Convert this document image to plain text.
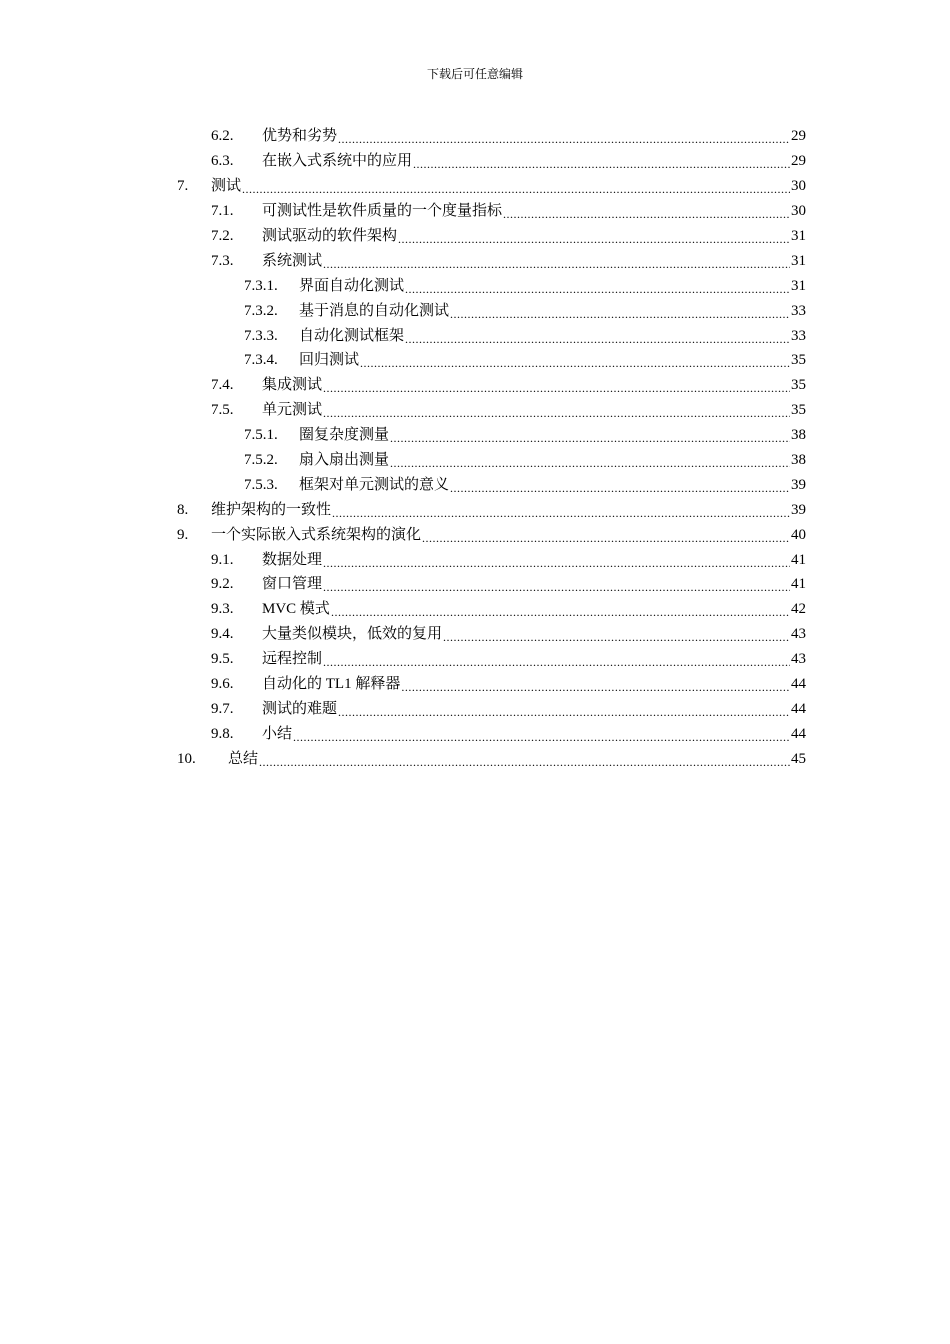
下载后可任意编辑
6.2.	优势和劣势 .....	29
6.3.	在嵌入式系统中的应用 .....	29
7.	测试 .....	30
7.1.	可测试性是软件质量的一个度量指标 .....	30
7.2.	测试驱动的软件架构 .....	31
7.3.	系统测试 .....	31
7.3.1.	界面自动化测试 .....	31
7.3.2.	基于消息的自动化测试 .....	33
7.3.3.	自动化测试框架 .....	33
7.3.4.	回归测试 .....	35
7.4.	集成测试 .....	35
7.5.	单元测试 .....	35
7.5.1.	圈复杂度测量 .....	38
7.5.2.	扇入扇出测量 .....	38
7.5.3.	框架对单元测试的意义 .....	39
8.	维护架构的一致性 .....	39
9.	一个实际嵌入式系统架构的演化 .....	40
9.1.	数据处理 .....	41
9.2.	窗口管理 .....	41
9.3.	MVC 模式 .....	42
9.4.	大量类似模块，低效的复用 .....	43
9.5.	远程控制 .....	43
9.6.	自动化的 TL1 解释器 .....	44
9.7.	测试的难题 .....	44
9.8.	小结 .....	44
10.	总结 .....	45
